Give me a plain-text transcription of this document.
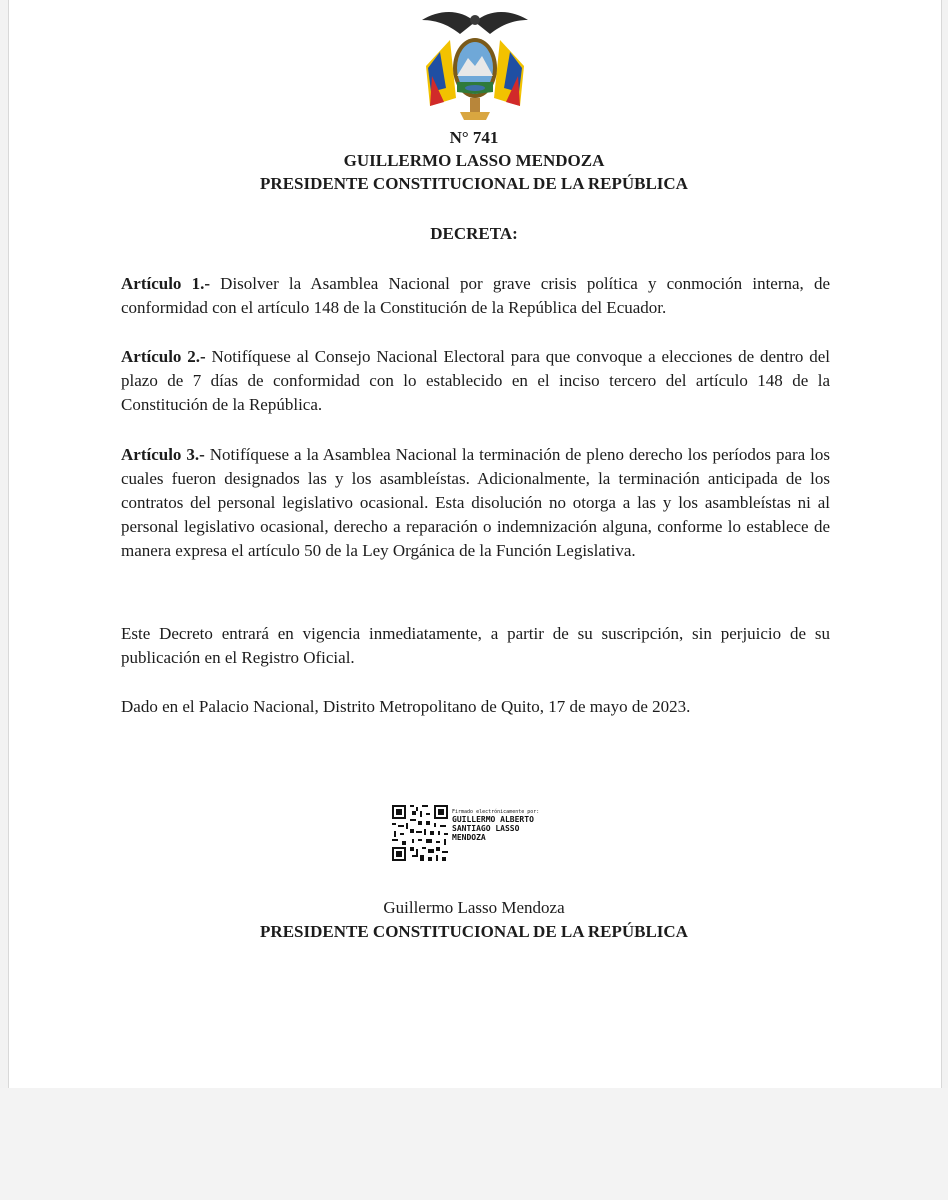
N° 741
GUILLERMO LASSO MENDOZA
PRESIDENTE CONSTITUCIONAL DE LA REPÚBLICA
DECRETA:

Artículo 1.- Disolver la Asamblea Nacional por grave crisis política y conmoción interna, de conformidad con el artículo 148 de la Constitución de la República del Ecuador.

Artículo 2.- Notifíquese al Consejo Nacional Electoral para que convoque a elecciones de dentro del plazo de 7 días de conformidad con lo establecido en el inciso tercero del artículo 148 de la Constitución de la República.

Artículo 3.- Notifíquese a la Asamblea Nacional la terminación de pleno derecho los períodos para los cuales fueron designados las y los asambleístas. Adicionalmente, la terminación anticipada de los contratos del personal legislativo ocasional. Esta disolución no otorga a las y los asambleístas ni al personal legislativo ocasional, derecho a reparación o indemnización alguna, conforme lo establece de manera expresa el artículo 50 de la Ley Orgánica de la Función Legislativa.

Este Decreto entrará en vigencia inmediatamente, a partir de su suscripción, sin perjuicio de su publicación en el Registro Oficial.

Dado en el Palacio Nacional, Distrito Metropolitano de Quito, 17 de mayo de 2023.

Firmado electrónicamente por:
GUILLERMO ALBERTO
SANTIAGO LASSO
MENDOZA
Guillermo Lasso Mendoza
PRESIDENTE CONSTITUCIONAL DE LA REPÚBLICA
